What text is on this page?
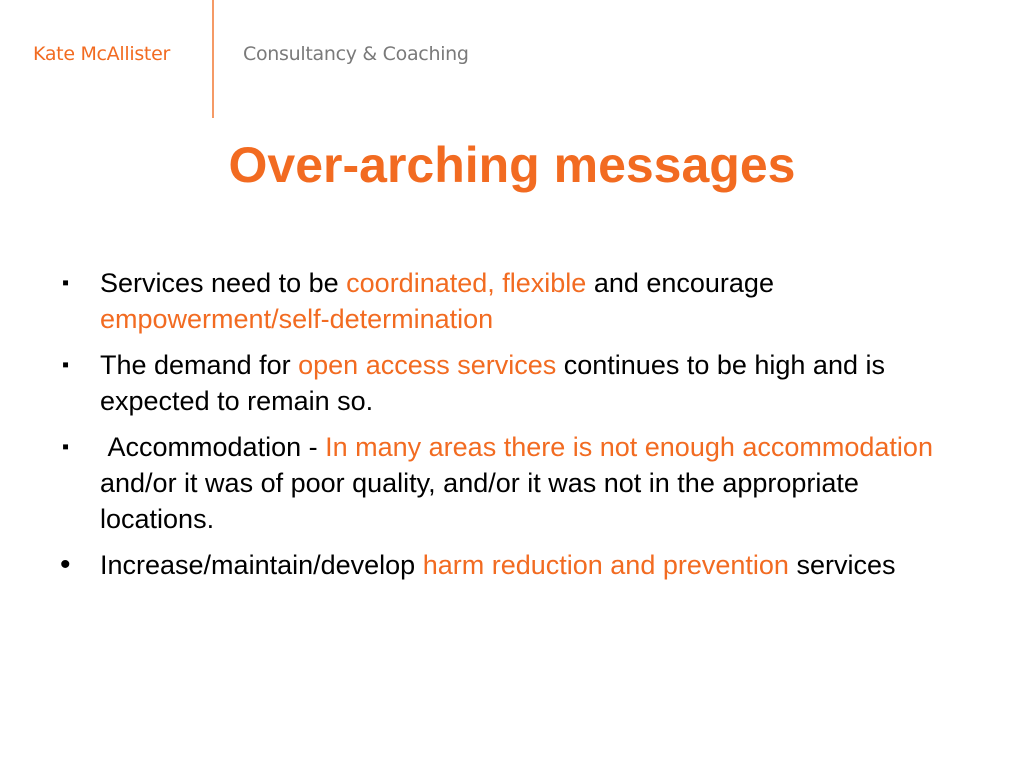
Kate McAllister	Consultancy & Coaching
Over-arching messages
▪ Services need to be coordinated, flexible and encourage empowerment/self-determination
▪ The demand for open access services continues to be high and is expected to remain so.
▪ Accommodation - In many areas there is not enough accommodation and/or it was of poor quality, and/or it was not in the appropriate locations.
• Increase/maintain/develop harm reduction and prevention services
